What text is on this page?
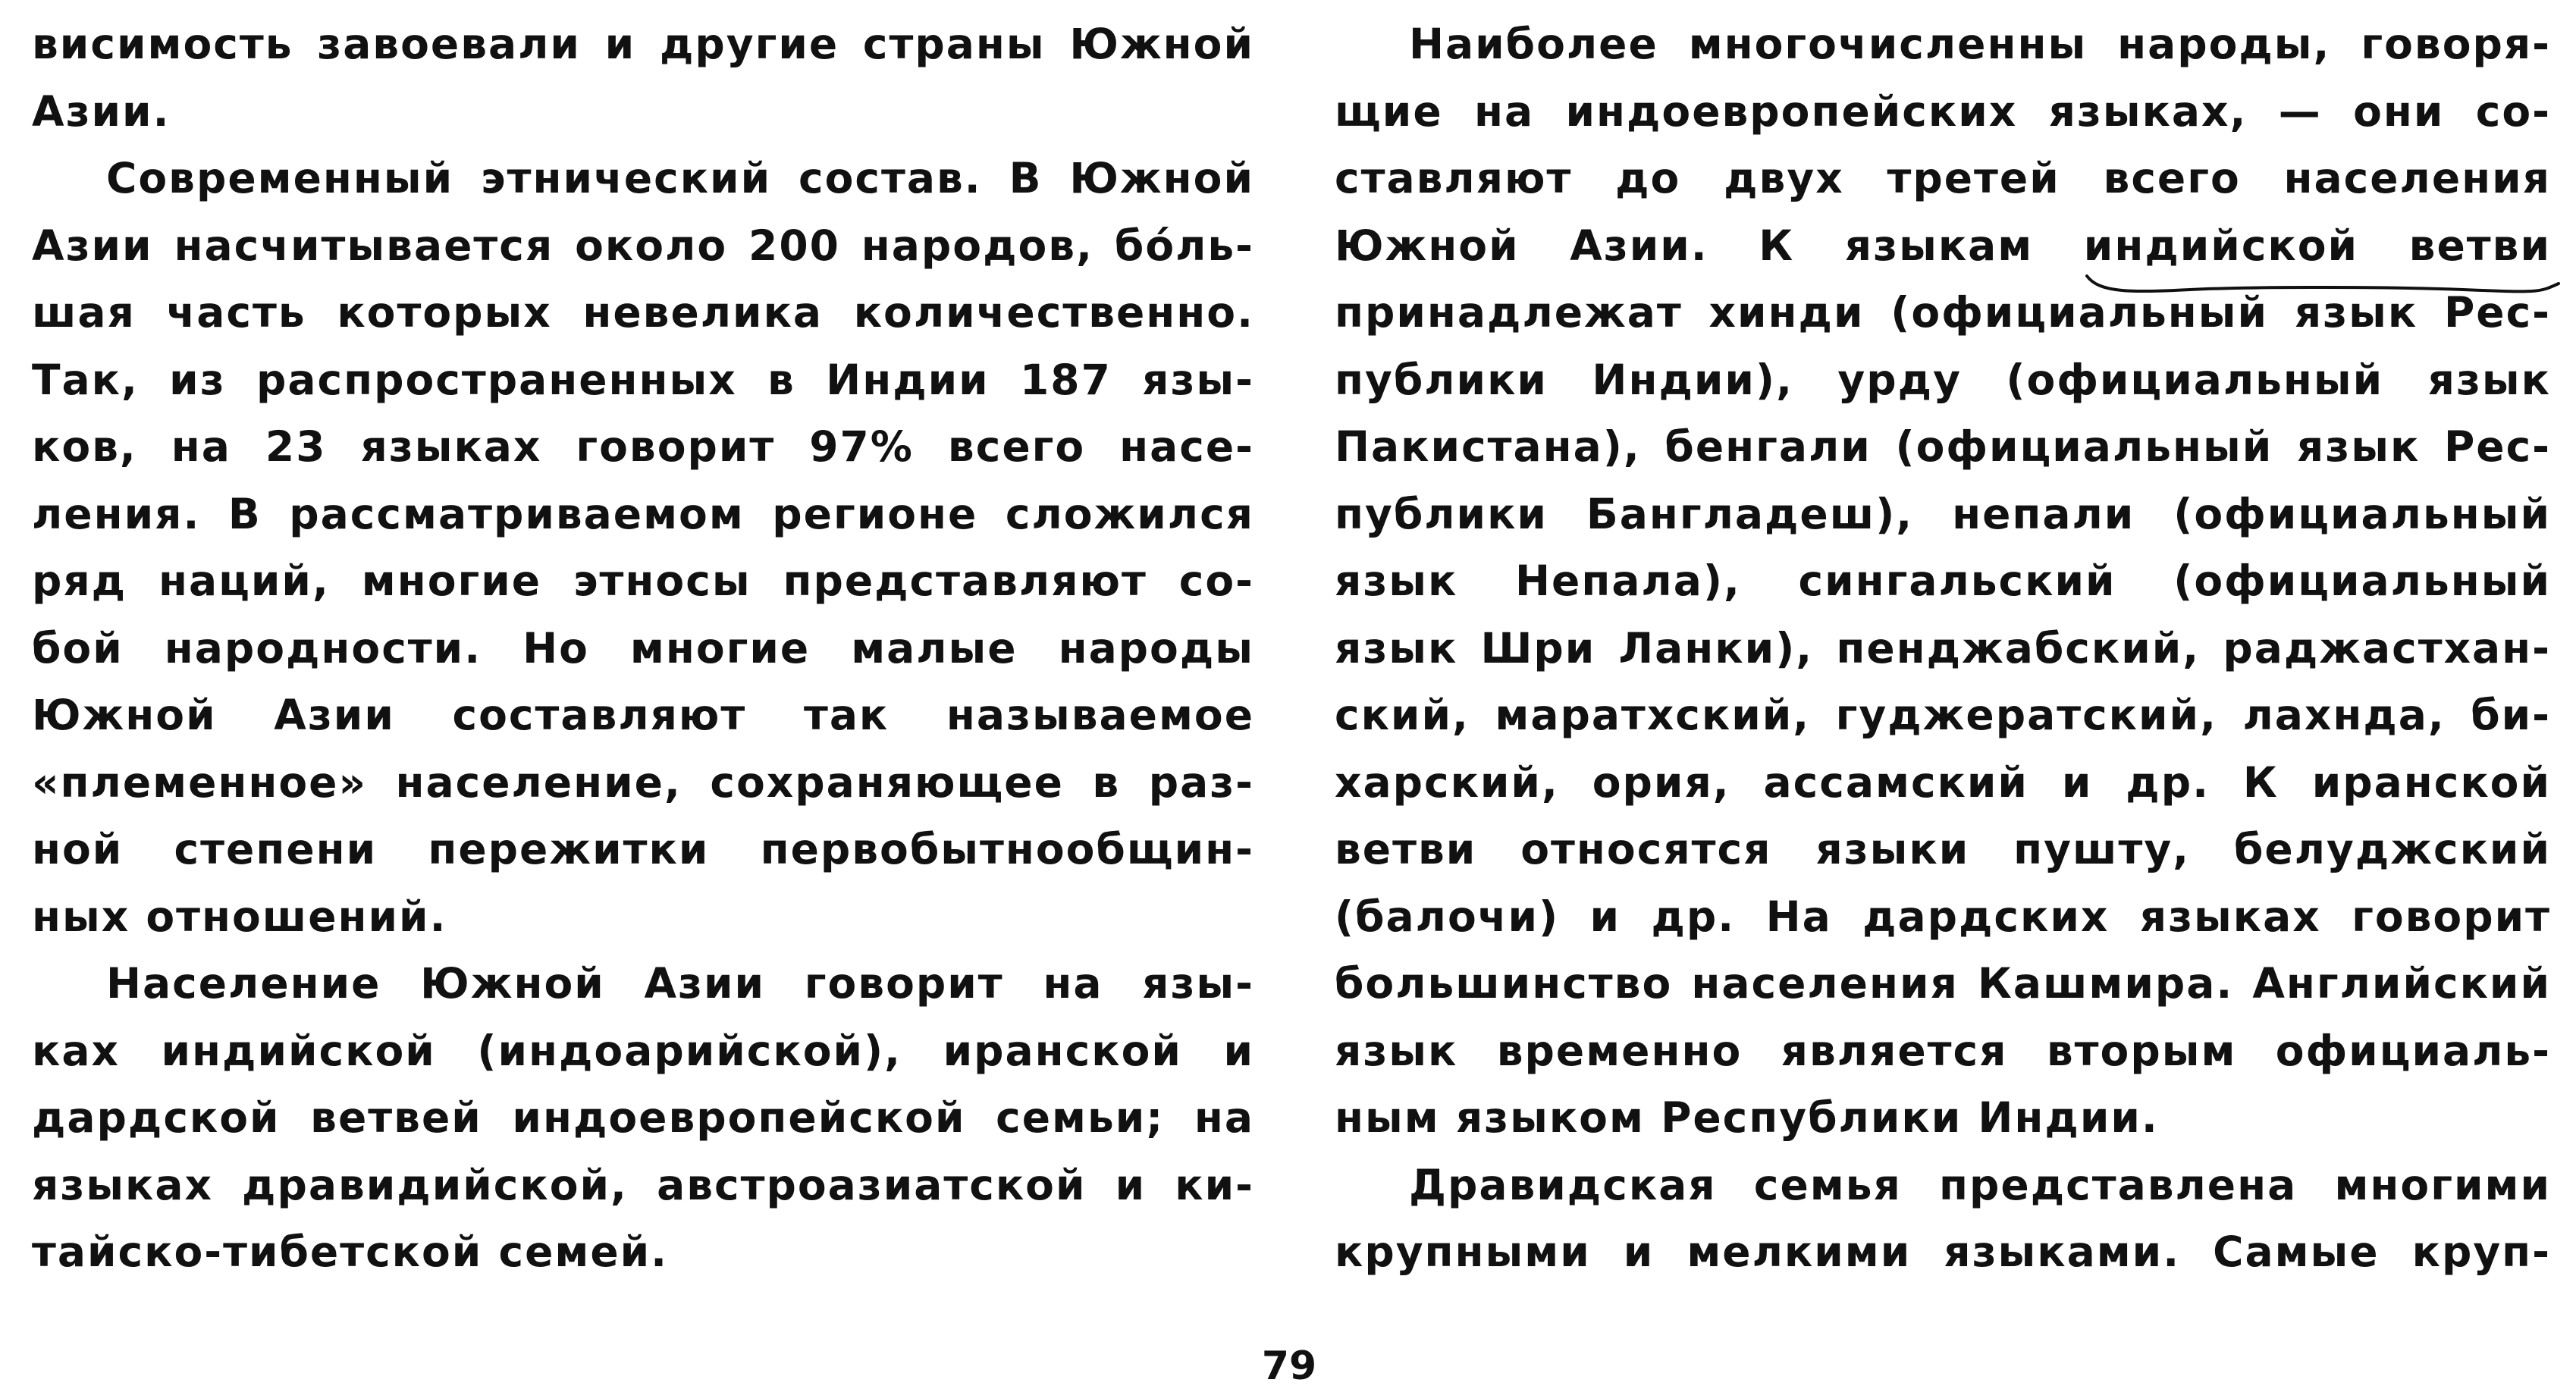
висимость завоевали и другие страны Южной
Азии.
Современный этнический состав. В Южной
Азии насчитывается около 200 народов, бóль-
шая часть которых невелика количественно.
Так, из распространенных в Индии 187 язы-
ков, на 23 языках говорит 97% всего насе-
ления. В рассматриваемом регионе сложился
ряд наций, многие этносы представляют со-
бой народности. Но многие малые народы
Южной Азии составляют так называемое
«племенное» население, сохраняющее в раз-
ной степени пережитки первобытнообщин-
ных отношений.
Население Южной Азии говорит на язы-
ках индийской (индоарийской), иранской и
дардской ветвей индоевропейской семьи; на
языках дравидийской, австроазиатской и ки-
тайско-тибетской семей.
Наиболее многочисленны народы, говоря-
щие на индоевропейских языках, — они со-
ставляют до двух третей всего населения
Южной Азии. К языкам индийской ветви
принадлежат хинди (официальный язык Рес-
публики Индии), урду (официальный язык
Пакистана), бенгали (официальный язык Рес-
публики Бангладеш), непали (официальный
язык Непала), сингальский (официальный
язык Шри Ланки), пенджабский, раджастхан-
ский, маратхский, гуджератский, лахнда, би-
харский, ория, ассамский и др. К иранской
ветви относятся языки пушту, белуджский
(балочи) и др. На дардских языках говорит
большинство населения Кашмира. Английский
язык временно является вторым официаль-
ным языком Республики Индии.
Дравидская семья представлена многими
крупными и мелкими языками. Самые круп-
79
